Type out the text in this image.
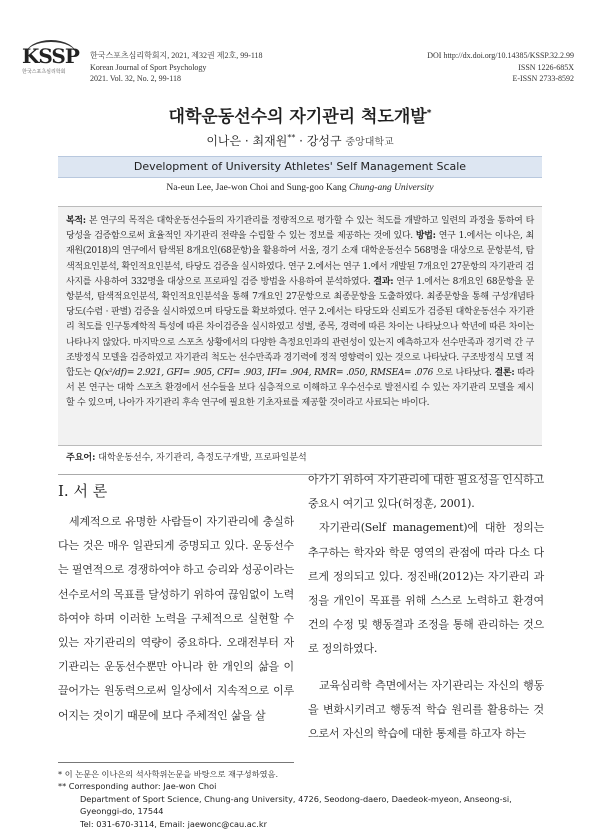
KSSP
한국스포츠심리학회
한국스포츠심리학회지, 2021, 제32권 제2호, 99-118
Korean Journal of Sport Psychology
2021. Vol. 32, No. 2, 99-118
DOI http://dx.doi.org/10.14385/KSSP.32.2.99
ISSN 1226-685X
E-ISSN 2733-8592
대학운동선수의 자기관리 척도개발*
이나은 · 최재원** · 강성구 중앙대학교
Development of University Athletes' Self Management Scale
Na-eun Lee, Jae-won Choi and Sung-goo Kang Chung-ang University
복적: 본 연구의 목적은 대학운동선수들의 자기관리를 정량적으로 평가할 수 있는 척도를 개발하고 일련의 과정을 통하여 타당성을 검증함으로써 효율적인 자기관리 전략을 수립할 수 있는 정보를 제공하는 것에 있다. 방법: 연구 1.에서는 이나은, 최재원(2018)의 연구에서 탐색된 8개요인(68문항)을 활용하여 서울, 경기 소재 대학운동선수 568명을 대상으로 문항분석, 탐색적요인분석, 확인적요인분석, 타당도 검증을 실시하였다. 연구 2.에서는 연구 1.에서 개발된 7개요인 27문항의 자기관리 검사지를 사용하여 332명을 대상으로 프로파일 검증 방법을 사용하여 분석하였다. 결과: 연구 1.에서는 8개요인 68문항을 문항분석, 탐색적요인분석, 확인적요인분석을 통해 7개요인 27문항으로 최종문항을 도출하였다. 최종문항을 통해 구성개념타당도(수렴 · 판별) 검증을 실시하였으며 타당도를 확보하였다. 연구 2.에서는 타당도와 신뢰도가 검증된 대학운동선수 자기관리 척도를 인구통계학적 특성에 따른 차이검증을 실시하였고 성별, 종목, 경력에 따른 차이는 나타났으나 학년에 따른 차이는 나타나지 않았다. 마지막으로 스포츠 상황에서의 다양한 측정요인과의 관련성이 있는지 예측하고자 선수만족과 경기력 간 구조방정식 모델을 검증하였고 자기관리 척도는 선수만족과 경기력에 정적 영향력이 있는 것으로 나타났다. 구조방정식 모델 적합도는 Q(x²/df)= 2.921, GFI= .905, CFI= .903, IFI= .904, RMR= .050, RMSEA= .076 으로 나타났다. 결론: 따라서 본 연구는 대학 스포츠 환경에서 선수들을 보다 심층적으로 이해하고 우수선수로 발전시킬 수 있는 자기관리 모델을 제시할 수 있으며, 나아가 자기관리 후속 연구에 필요한 기초자료를 제공할 것이라고 사료되는 바이다.
주요어: 대학운동선수, 자기관리, 측정도구개발, 프로파일분석
I. 서 론

세계적으로 유명한 사람들이 자기관리에 충실하다는 것은 매우 일관되게 증명되고 있다. 운동선수는 필연적으로 경쟁하여야 하고 승리와 성공이라는 선수로서의 목표를 달성하기 위하여 끊임없이 노력하여야 하며 이러한 노력을 구체적으로 실현할 수 있는 자기관리의 역량이 중요하다. 오래전부터 자기관리는 운동선수뿐만 아니라 한 개인의 삶을 이끌어가는 원동력으로써 일상에서 지속적으로 이루어지는 것이기 때문에 보다 주체적인 삶을 살

아가기 위하여 자기관리에 대한 필요성을 인식하고 중요시 여기고 있다(허정훈, 2001).

자기관리(Self management)에 대한 정의는 추구하는 학자와 학문 영역의 관점에 따라 다소 다르게 정의되고 있다. 정진배(2012)는 자기관리 과정을 개인이 목표를 위해 스스로 노력하고 환경여건의 수정 및 행동결과 조정을 통해 관리하는 것으로 정의하였다.

교육심리학 측면에서는 자기관리는 자신의 행동을 변화시키려고 행동적 학습 원리를 활용하는 것으로서 자신의 학습에 대한 통제를 하고자 하는

* 이 논문은 이나은의 석사학위논문을 바탕으로 재구성하였음.
** Corresponding author: Jae-won Choi
Department of Sport Science, Chung-ang University, 4726, Seodong-daero, Daedeok-myeon, Anseong-si, Gyeonggi-do, 17544
Tel: 031-670-3114, Email: jaewonc@cau.ac.kr
